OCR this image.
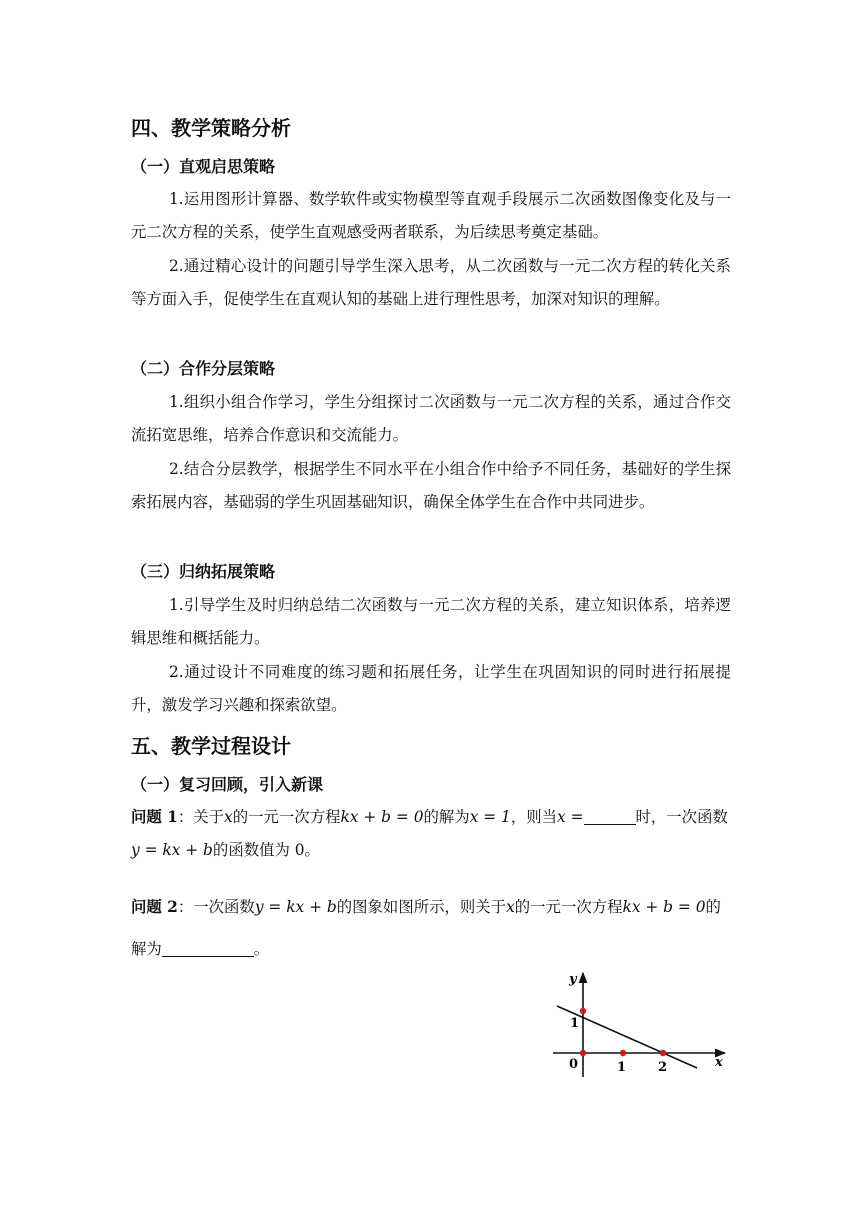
四、教学策略分析
（一）直观启思策略
1.运用图形计算器、数学软件或实物模型等直观手段展示二次函数图像变化及与一元二次方程的关系，使学生直观感受两者联系，为后续思考奠定基础。
2.通过精心设计的问题引导学生深入思考，从二次函数与一元二次方程的转化关系等方面入手，促使学生在直观认知的基础上进行理性思考，加深对知识的理解。
（二）合作分层策略
1.组织小组合作学习，学生分组探讨二次函数与一元二次方程的关系，通过合作交流拓宽思维，培养合作意识和交流能力。
2.结合分层教学，根据学生不同水平在小组合作中给予不同任务，基础好的学生探索拓展内容，基础弱的学生巩固基础知识，确保全体学生在合作中共同进步。
（三）归纳拓展策略
1.引导学生及时归纳总结二次函数与一元二次方程的关系，建立知识体系，培养逻辑思维和概括能力。
2.通过设计不同难度的练习题和拓展任务，让学生在巩固知识的同时进行拓展提升，激发学习兴趣和探索欲望。
五、教学过程设计
（一）复习回顾，引入新课
问题 1：关于x的一元一次方程kx + b = 0的解为x = 1，则当x =	时，一次函数y = kx + b的函数值为 0。
问题 2：一次函数y = kx + b的图象如图所示，则关于x的一元一次方程kx + b = 0的解为	。
y
x
0
1
1 2
